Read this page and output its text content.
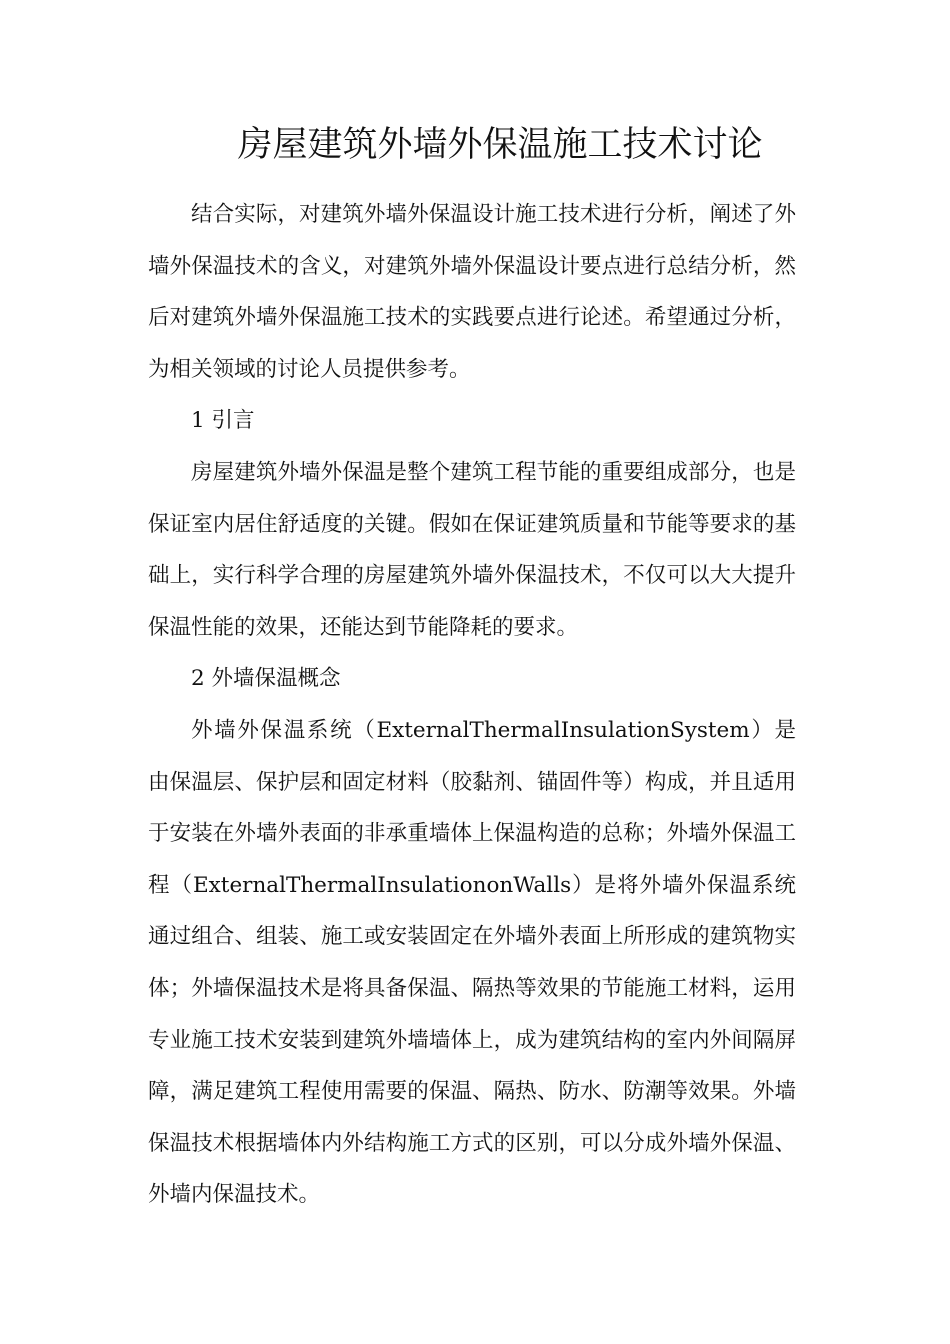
房屋建筑外墙外保温施工技术讨论

结合实际，对建筑外墙外保温设计施工技术进行分析，阐述了外墙外保温技术的含义，对建筑外墙外保温设计要点进行总结分析，然后对建筑外墙外保温施工技术的实践要点进行论述。希望通过分析，为相关领域的讨论人员提供参考。

1 引言

房屋建筑外墙外保温是整个建筑工程节能的重要组成部分，也是保证室内居住舒适度的关键。假如在保证建筑质量和节能等要求的基础上，实行科学合理的房屋建筑外墙外保温技术，不仅可以大大提升保温性能的效果，还能达到节能降耗的要求。

2 外墙保温概念

外墙外保温系统（ExternalThermalInsulationSystem）是由保温层、保护层和固定材料（胶黏剂、锚固件等）构成，并且适用于安装在外墙外表面的非承重墙体上保温构造的总称；外墙外保温工程（ExternalThermalInsulationonWalls）是将外墙外保温系统通过组合、组装、施工或安装固定在外墙外表面上所形成的建筑物实体；外墙保温技术是将具备保温、隔热等效果的节能施工材料，运用专业施工技术安装到建筑外墙墙体上，成为建筑结构的室内外间隔屏障，满足建筑工程使用需要的保温、隔热、防水、防潮等效果。外墙保温技术根据墙体内外结构施工方式的区别，可以分成外墙外保温、外墙内保温技术。
